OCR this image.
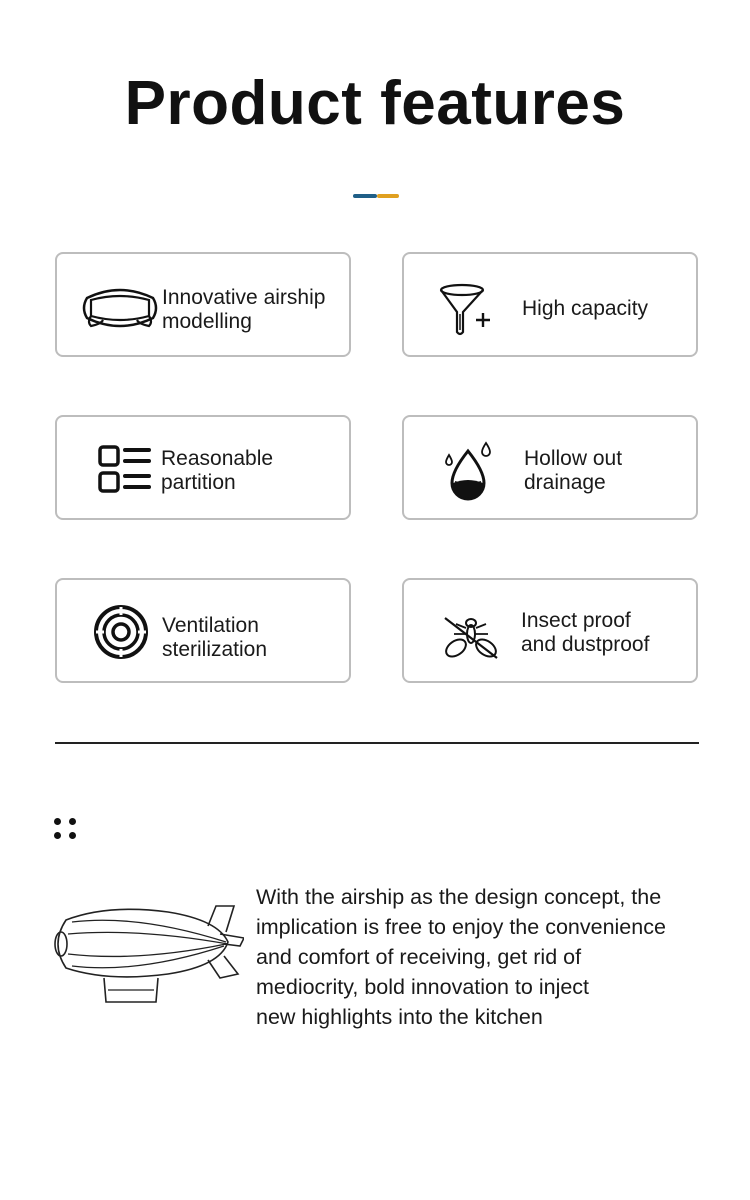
Product features
Innovative airship
modelling
High capacity
Reasonable
partition
Hollow out
drainage
Ventilation
sterilization
Insect proof
and dustproof
With the airship as the design concept, the
implication is free to enjoy the convenience
and comfort of receiving, get rid of
mediocrity, bold innovation to inject
new highlights into the kitchen
